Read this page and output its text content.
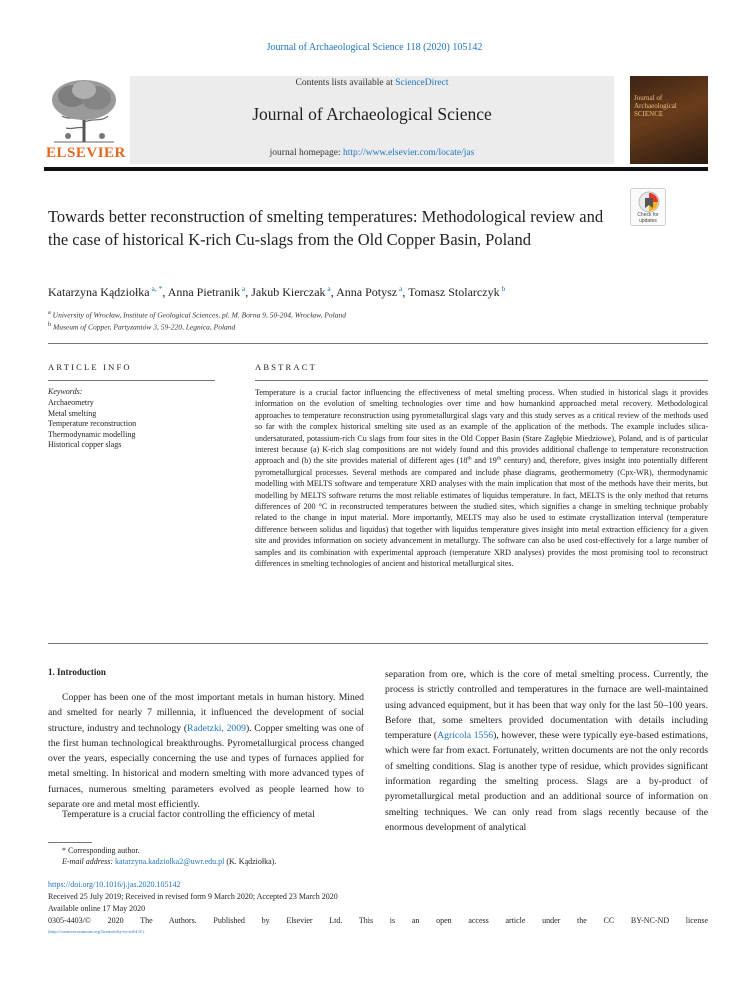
Journal of Archaeological Science 118 (2020) 105142
ELSEVIER
Contents lists available at ScienceDirect
Journal of Archaeological Science
journal homepage: http://www.elsevier.com/locate/jas
Journal of Archaeological SCIENCE
Towards better reconstruction of smelting temperatures: Methodological review and the case of historical K-rich Cu-slags from the Old Copper Basin, Poland
Check for updates
Katarzyna Kądziołka $^{a, *}$, Anna Pietranik $^a$, Jakub Kierczak $^a$, Anna Potysz $^a$, Tomasz Stolarczyk $^b$
$^a$ University of Wrocław, Institute of Geological Sciences, pl. M. Borna 9, 50-204, Wrocław, Poland
$^b$ Museum of Copper, Partyzantów 3, 59-220, Legnica, Poland
ARTICLE INFO	ABSTRACT
Keywords:
Archaeometry
Metal smelting
Temperature reconstruction
Thermodynamic modelling
Historical copper slags

Temperature is a crucial factor influencing the effectiveness of metal smelting process. When studied in historical slags it provides information on the evolution of smelting technologies over time and how humankind approached metal recovery. Methodological approaches to temperature reconstruction using pyrometallurgical slags vary and this study serves as a critical review of the methods used so far with the complex historical smelting site used as an example of the application of the methods. The example includes silica-undersaturated, potassium-rich Cu slags from four sites in the Old Copper Basin (Stare Zagłębie Miedziowe), Poland, and is of particular interest because (a) K-rich slag compositions are not widely found and this provides additional challenge to temperature reconstruction approach and (b) the site provides material of different ages (18th and 19th century) and, therefore, gives insight into potentially different pyrometallurgical processes. Several methods are compared and include phase diagrams, geothermometry (Cpx-WR), thermodynamic modelling with MELTS software and temperature XRD analyses with the main implication that most of the methods have their merits, but modelling by MELTS software returns the most reliable estimates of liquidus temperature. In fact, MELTS is the only method that returns differences of 200 °C in reconstructed temperatures between the studied sites, which signifies a change in smelting technique probably related to the change in input material. More importantly, MELTS may also be used to estimate crystallization interval (temperature difference between solidus and liquidus) that together with liquidus temperature gives insight into metal extraction efficiency for a given site and provides information on society advancement in metallurgy. The software can also be used cost-effectively for a large number of samples and its combination with experimental approach (temperature XRD analyses) provides the most promising tool to reconstruct differences in smelting technologies of ancient and historical metallurgical sites.

1. Introduction

Copper has been one of the most important metals in human history. Mined and smelted for nearly 7 millennia, it influenced the development of social structure, industry and technology (Radetzki, 2009). Copper smelting was one of the first human technological breakthroughs. Pyrometallurgical process changed over the years, especially concerning the use and types of furnaces applied for metal smelting. In historical and modern smelting with more advanced types of furnaces, numerous smelting parameters evolved as people learned how to separate ore and metal most efficiently.

Temperature is a crucial factor controlling the efficiency of metal

separation from ore, which is the core of metal smelting process. Currently, the process is strictly controlled and temperatures in the furnace are well-maintained using advanced equipment, but it has been that way only for the last 50–100 years. Before that, some smelters provided documentation with details including temperature (Agricola 1556), however, these were typically eye-based estimations, which were far from exact. Fortunately, written documents are not the only records of smelting conditions. Slag is another type of residue, which provides significant information regarding the smelting process. Slags are a by-product of pyrometallurgical metal production and an additional source of information on smelting techniques. We can only read from slags recently because of the enormous development of analytical

* Corresponding author.
E-mail address: katarzyna.kadziolka2@uwr.edu.pl (K. Kądziołka).
https://doi.org/10.1016/j.jas.2020.105142
Received 25 July 2019; Received in revised form 9 March 2020; Accepted 23 March 2020
Available online 17 May 2020
0305-4403/© 2020 The Authors. Published by Elsevier Ltd. This is an open access article under the CC BY-NC-ND license
(http://creativecommons.org/licenses/by-nc-nd/4.0/).
